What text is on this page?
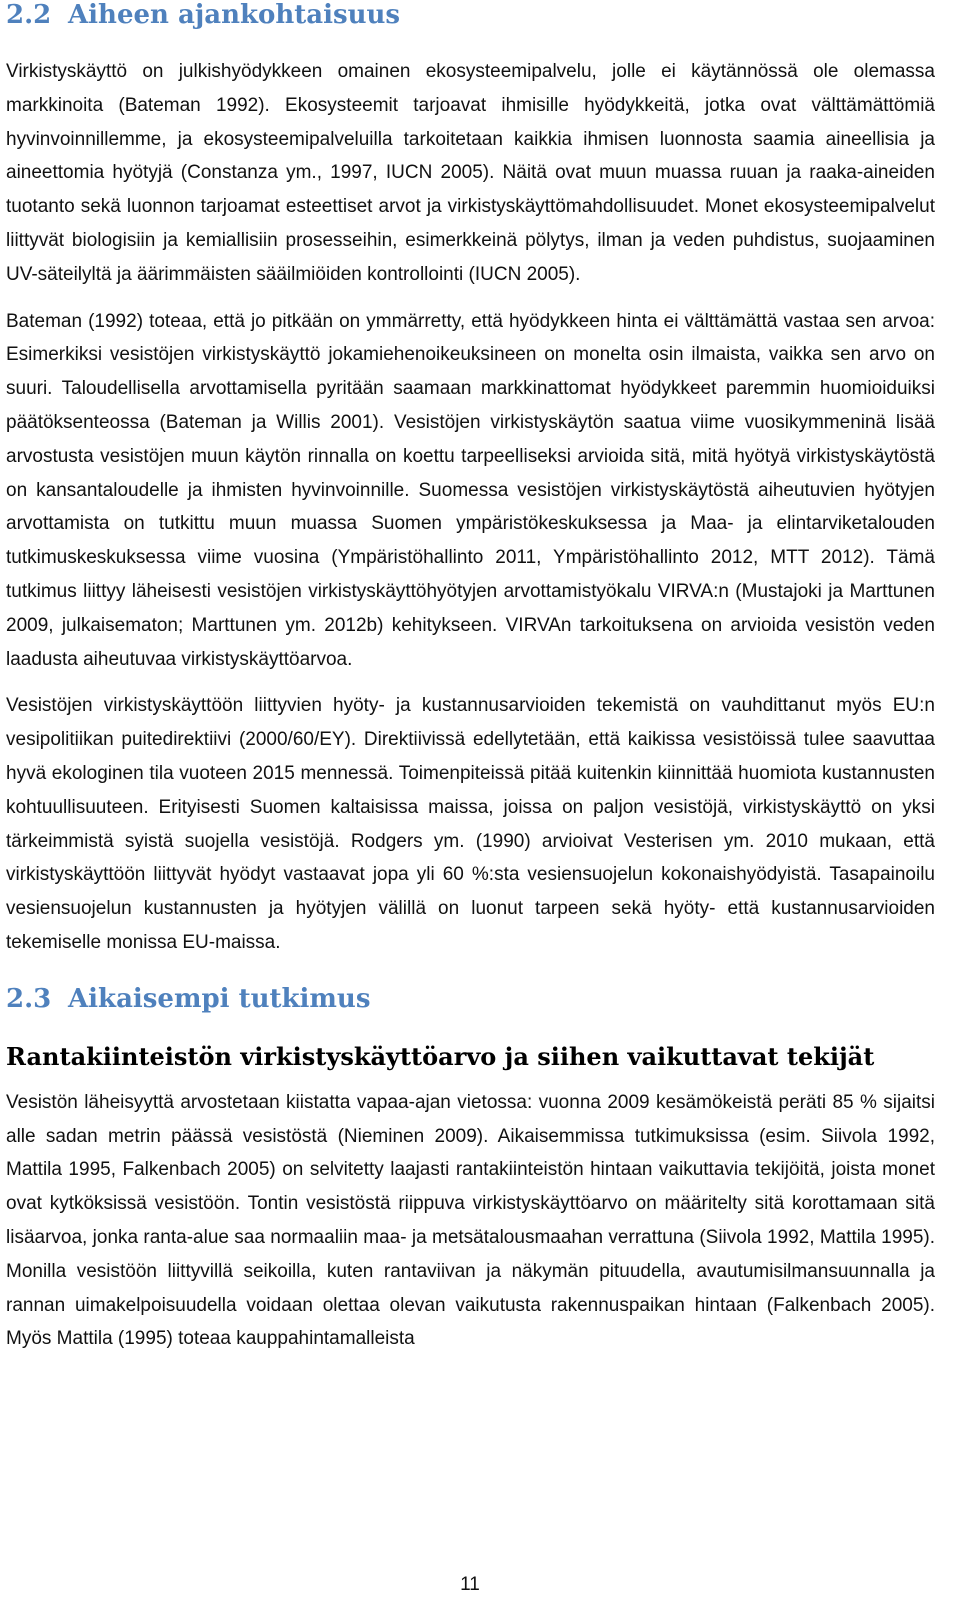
2.2 Aiheen ajankohtaisuus

Virkistyskäyttö on julkishyödykkeen omainen ekosysteemipalvelu, jolle ei käytännössä ole olemassa markkinoita (Bateman 1992). Ekosysteemit tarjoavat ihmisille hyödykkeitä, jotka ovat välttämättömiä hyvinvoinnillemme, ja ekosysteemipalveluilla tarkoitetaan kaikkia ihmisen luonnosta saamia aineellisia ja aineettomia hyötyjä (Constanza ym., 1997, IUCN 2005). Näitä ovat muun muassa ruuan ja raaka-aineiden tuotanto sekä luonnon tarjoamat esteettiset arvot ja virkistyskäyttömahdollisuudet. Monet ekosysteemipalvelut liittyvät biologisiin ja kemiallisiin prosesseihin, esimerkkeinä pölytys, ilman ja veden puhdistus, suojaaminen UV-säteilyltä ja äärimmäisten sääilmiöiden kontrollointi (IUCN 2005).

Bateman (1992) toteaa, että jo pitkään on ymmärretty, että hyödykkeen hinta ei välttämättä vastaa sen arvoa: Esimerkiksi vesistöjen virkistyskäyttö jokamiehenoikeuksineen on monelta osin ilmaista, vaikka sen arvo on suuri. Taloudellisella arvottamisella pyritään saamaan markkinattomat hyödykkeet paremmin huomioiduiksi päätöksenteossa (Bateman ja Willis 2001). Vesistöjen virkistyskäytön saatua viime vuosikymmeninä lisää arvostusta vesistöjen muun käytön rinnalla on koettu tarpeelliseksi arvioida sitä, mitä hyötyä virkistyskäytöstä on kansantaloudelle ja ihmisten hyvinvoinnille. Suomessa vesistöjen virkistyskäytöstä aiheutuvien hyötyjen arvottamista on tutkittu muun muassa Suomen ympäristökeskuksessa ja Maa- ja elintarviketalouden tutkimuskeskuksessa viime vuosina (Ympäristöhallinto 2011, Ympäristöhallinto 2012, MTT 2012). Tämä tutkimus liittyy läheisesti vesistöjen virkistyskäyttöhyötyjen arvottamistyökalu VIRVA:n (Mustajoki ja Marttunen 2009, julkaisematon; Marttunen ym. 2012b) kehitykseen. VIRVAn tarkoituksena on arvioida vesistön veden laadusta aiheutuvaa virkistyskäyttöarvoa.

Vesistöjen virkistyskäyttöön liittyvien hyöty- ja kustannusarvioiden tekemistä on vauhdittanut myös EU:n vesipolitiikan puitedirektiivi (2000/60/EY). Direktiivissä edellytetään, että kaikissa vesistöissä tulee saavuttaa hyvä ekologinen tila vuoteen 2015 mennessä. Toimenpiteissä pitää kuitenkin kiinnittää huomiota kustannusten kohtuullisuuteen. Erityisesti Suomen kaltaisissa maissa, joissa on paljon vesistöjä, virkistyskäyttö on yksi tärkeimmistä syistä suojella vesistöjä. Rodgers ym. (1990) arvioivat Vesterisen ym. 2010 mukaan, että virkistyskäyttöön liittyvät hyödyt vastaavat jopa yli 60 %:sta vesiensuojelun kokonaishyödyistä. Tasapainoilu vesiensuojelun kustannusten ja hyötyjen välillä on luonut tarpeen sekä hyöty- että kustannusarvioiden tekemiselle monissa EU-maissa.

2.3 Aikaisempi tutkimus
Rantakiinteistön virkistyskäyttöarvo ja siihen vaikuttavat tekijät

Vesistön läheisyyttä arvostetaan kiistatta vapaa-ajan vietossa: vuonna 2009 kesämökeistä peräti 85 % sijaitsi alle sadan metrin päässä vesistöstä (Nieminen 2009). Aikaisemmissa tutkimuksissa (esim. Siivola 1992, Mattila 1995, Falkenbach 2005) on selvitetty laajasti rantakiinteistön hintaan vaikuttavia tekijöitä, joista monet ovat kytköksissä vesistöön. Tontin vesistöstä riippuva virkistyskäyttöarvo on määritelty sitä korottamaan sitä lisäarvoa, jonka ranta-alue saa normaaliin maa- ja metsätalousmaahan verrattuna (Siivola 1992, Mattila 1995). Monilla vesistöön liittyvillä seikoilla, kuten rantaviivan ja näkymän pituudella, avautumisilmansuunnalla ja rannan uimakelpoisuudella voidaan olettaa olevan vaikutusta rakennuspaikan hintaan (Falkenbach 2005). Myös Mattila (1995) toteaa kauppahintamalleista

11
